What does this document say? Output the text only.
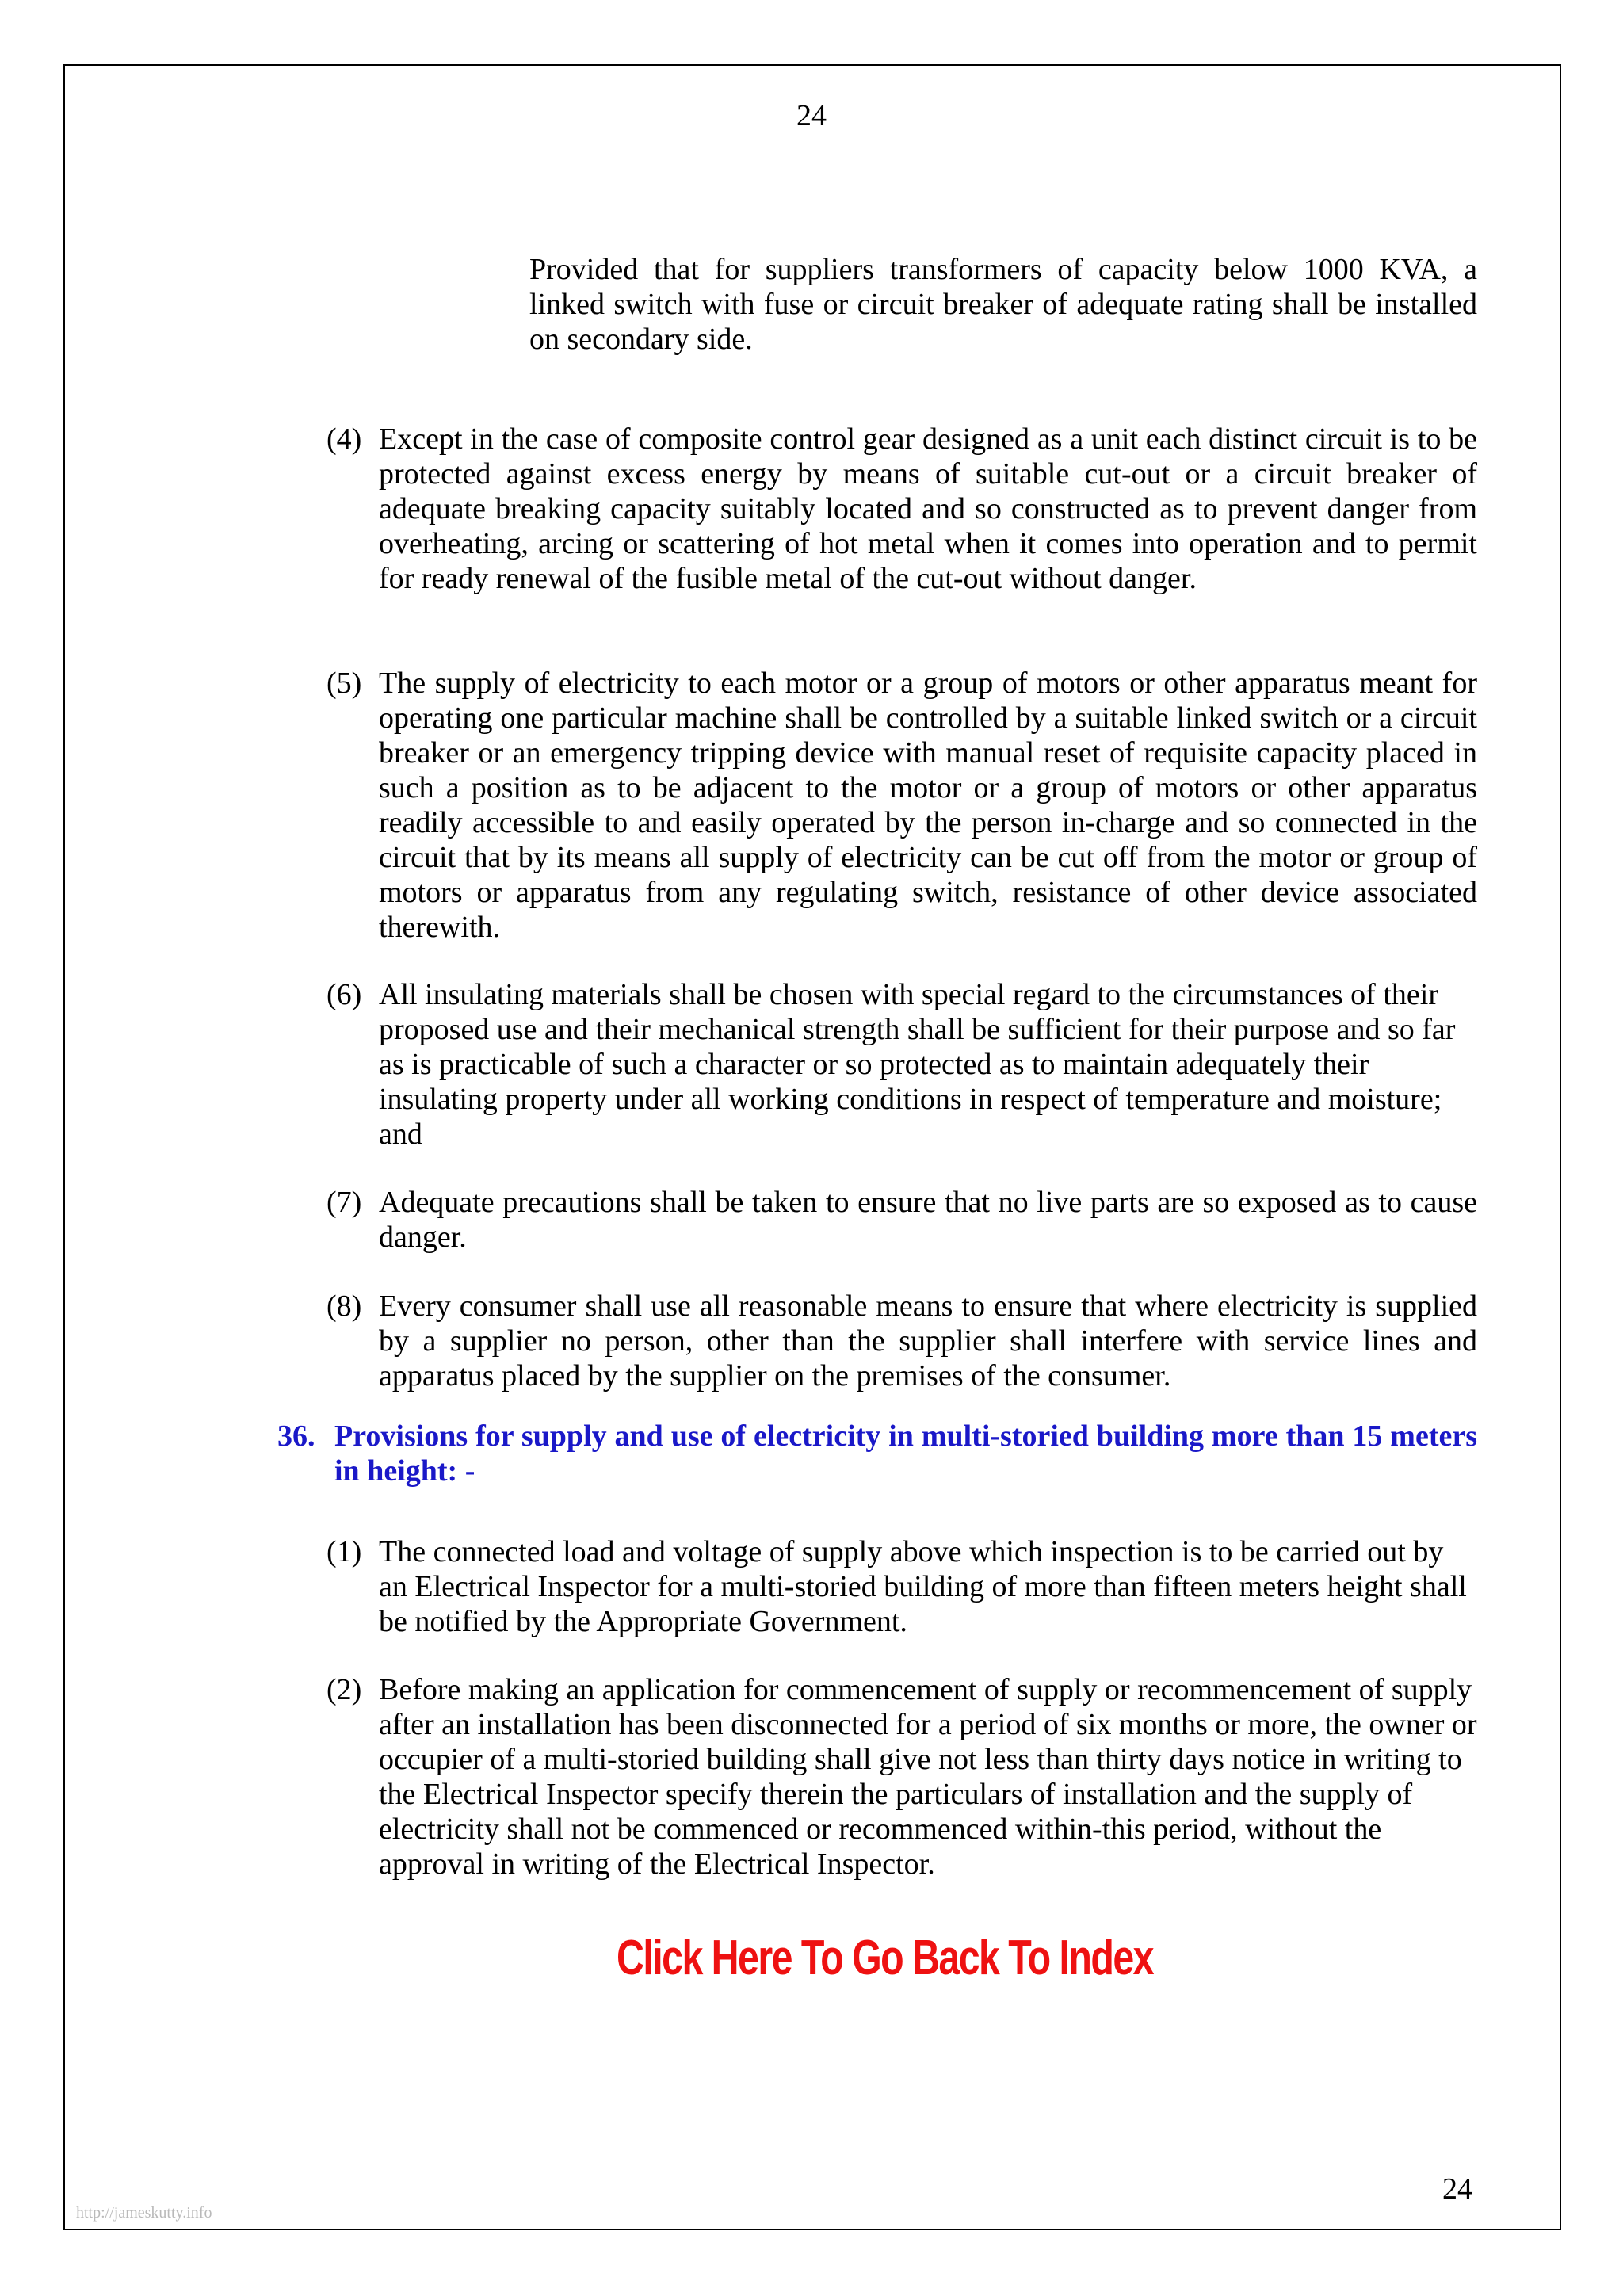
24

Provided that for suppliers transformers of capacity below 1000 KVA, a linked switch with fuse or circuit breaker of adequate rating shall be installed on secondary side.

(4) Except in the case of composite control gear designed as a unit each distinct circuit is to be protected against excess energy by means of suitable cut-out or a circuit breaker of adequate breaking capacity suitably located and so constructed as to prevent danger from overheating, arcing or scattering of hot metal when it comes into operation and to permit for ready renewal of the fusible metal of the cut-out without danger.
(5) The supply of electricity to each motor or a group of motors or other apparatus meant for operating one particular machine shall be controlled by a suitable linked switch or a circuit breaker or an emergency tripping device with manual reset of requisite capacity placed in such a position as to be adjacent to the motor or a group of motors or other apparatus readily accessible to and easily operated by the person in-charge and so connected in the circuit that by its means all supply of electricity can be cut off from the motor or group of motors or apparatus from any regulating switch, resistance of other device associated therewith.
(6) All insulating materials shall be chosen with special regard to the circumstances of their proposed use and their mechanical strength shall be sufficient for their purpose and so far as is practicable of such a character or so protected as to maintain adequately their insulating property under all working conditions in respect of temperature and moisture; and
(7) Adequate precautions shall be taken to ensure that no live parts are so exposed as to cause danger.
(8) Every consumer shall use all reasonable means to ensure that where electricity is supplied by a supplier no person, other than the supplier shall interfere with service lines and apparatus placed by the supplier on the premises of the consumer.
36. Provisions for supply and use of electricity in multi-storied building more than 15 meters in height: -
(1) The connected load and voltage of supply above which inspection is to be carried out by an Electrical Inspector for a multi-storied building of more than fifteen meters height shall be notified by the Appropriate Government.
(2) Before making an application for commencement of supply or recommencement of supply after an installation has been disconnected for a period of six months or more, the owner or occupier of a multi-storied building shall give not less than thirty days notice in writing to the Electrical Inspector specify therein the particulars of installation and the supply of electricity shall not be commenced or recommenced within-this period, without the approval in writing of the Electrical Inspector.
Click Here To Go Back To Index
24
http://jameskutty.info
